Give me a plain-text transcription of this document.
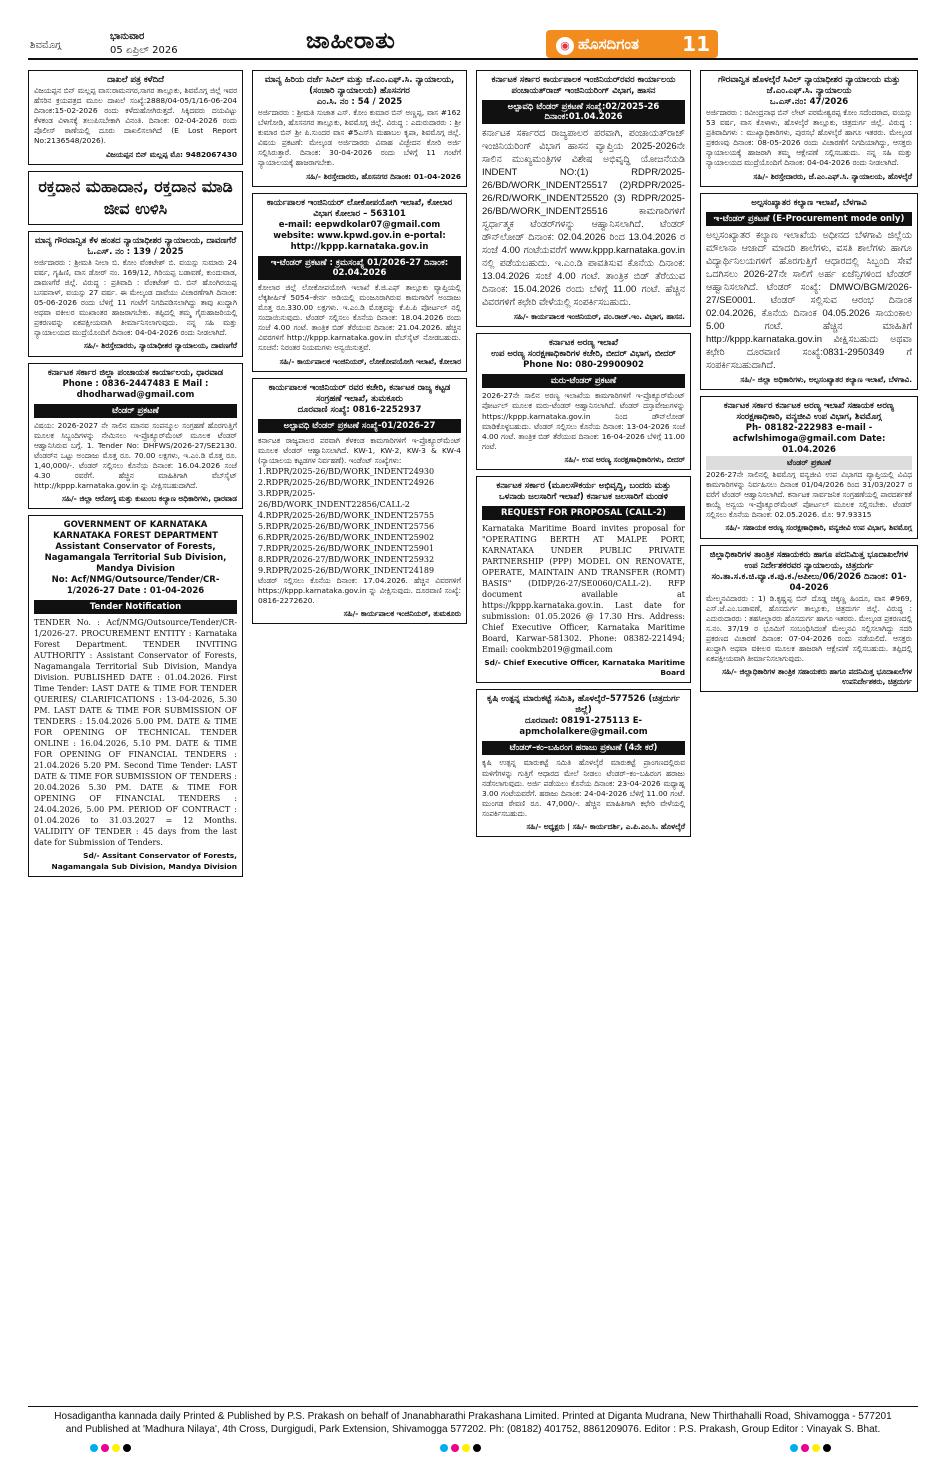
ಶಿವಮೊಗ್ಗ
ಭಾನುವಾರ
05 ಏಪ್ರಿಲ್ 2026	ಜಾಹೀರಾತು	◉ ಹೊಸದಿಗಂತ 11
ದಾಖಲೆ ಪತ್ರ ಕಳೆದಿದೆ
ವಿಜಯಪ್ಪನ ಬಿನ್ ಮಲ್ಲಪ್ಪ ವಾಸ:ರಾಮನಗರ,ಸಾಗರ ತಾಲ್ಲೂಕು, ಶಿವಮೊಗ್ಗ ಜಿಲ್ಲೆ ಇವರ ಹೆಸರಿನ ಕ್ರಯಪತ್ರದ ಮೂಲ ದಾಖಲೆ ಸಂಖ್ಯೆ:2888/04-05/1/16-06-204 ದಿನಾಂಕ:15-02-2026 ರಂದು ಕಳೆದುಹೋಗಿರುತ್ತದೆ. ಸಿಕ್ಕಿದವರು ದಯವಿಟ್ಟು ಕೆಳಕಂಡ ವಿಳಾಸಕ್ಕೆ ತಲುಪಿಸಬೇಕಾಗಿ ವಿನಂತಿ. ದಿನಾಂಕ: 02-04-2026 ರಂದು ಪೊಲೀಸ್ ಠಾಣೆಯಲ್ಲಿ ದೂರು ದಾಖಲಿಸಲಾಗಿದೆ (E Lost Report No:2136548/2026).
ವಿಜಯಪ್ಪನ ಬಿನ್ ಮಲ್ಲಪ್ಪ ಮೊ: 9482067430
ರಕ್ತದಾನ ಮಹಾದಾನ, ರಕ್ತದಾನ ಮಾಡಿ ಜೀವ ಉಳಿಸಿ
ಮಾನ್ಯ ಗೌರವಾನ್ವಿತ ಕೆಳ ಹಂತದ ನ್ಯಾಯಾಧೀಶರ ನ್ಯಾಯಾಲಯ, ದಾವಣಗೆರೆ
ಓ.ಎಸ್. ನಂ : 139 / 2025
ಅರ್ಜಿದಾರರು : ಶ್ರೀಮತಿ ನೀಲಾ ಬಿ. ಕೋಂ ವೆಂಕಟೇಶ್ ಬಿ. ವಯಸ್ಸು ಸುಮಾರು 24 ವರ್ಷ, ಗೃಹಿಣಿ, ವಾಸ ಡೋರ್ ನಂ. 169/12, ಗಿರಿಯಪ್ಪ ಬಡಾವಣೆ, ಕುಂದುವಾಡ, ದಾವಣಗೆರೆ ಜಿಲ್ಲೆ. ವಿರುದ್ಧ : ಪ್ರತಿವಾದಿ : ವೆಂಕಟೇಶ್ ಬಿ. ಬಿನ್ ಹೊಂಗಿರಯಪ್ಪ ಬಸವನಾಳ್, ವಯಸ್ಸು 27 ವರ್ಷ. ಈ ಮೇಲ್ಕಂಡ ದಾವೆಯು ವಿಚಾರಣೆಗಾಗಿ ದಿನಾಂಕ: 05-06-2026 ರಂದು ಬೆಳಿಗ್ಗೆ 11 ಗಂಟೆಗೆ ನಿಗದಿಪಡಿಸಲಾಗಿದ್ದು ತಾವು ಖುದ್ದಾಗಿ ಅಥವಾ ವಕೀಲರ ಮುಖಾಂತರ ಹಾಜರಾಗಬೇಕು. ತಪ್ಪಿದಲ್ಲಿ ತಮ್ಮ ಗೈರುಹಾಜರಿಯಲ್ಲಿ ಪ್ರಕರಣವನ್ನು ಏಕಪಕ್ಷೀಯವಾಗಿ ತೀರ್ಮಾನಿಸಲಾಗುವುದು. ನನ್ನ ಸಹಿ ಮತ್ತು ನ್ಯಾಯಾಲಯದ ಮುದ್ರೆಯೊಂದಿಗೆ ದಿನಾಂಕ: 04-04-2026 ರಂದು ನೀಡಲಾಗಿದೆ.
ಸಹಿ/- ಶಿರಸ್ತೇದಾರರು, ನ್ಯಾಯಾಧೀಶರ ನ್ಯಾಯಾಲಯ, ದಾವಣಗೆರೆ
ಕರ್ನಾಟಕ ಸರ್ಕಾರ ಜಿಲ್ಲಾ ಪಂಚಾಯತ ಕಾರ್ಯಾಲಯ, ಧಾರವಾಡ
Phone : 0836-2447483 E Mail : dhodharwad@gmail.com
ಟೆಂಡರ್ ಪ್ರಕಟಣೆ
ವಿಷಯ: 2026-2027 ನೇ ಸಾಲಿನ ಮಾನವ ಸಂಪನ್ಮೂಲ ಸಂಗ್ರಹಣೆ ಹೊರಗುತ್ತಿಗೆ ಮೂಲಕ ಸಿಬ್ಬಂದಿಗಳನ್ನು ನೇಮಿಸಲು ಇ-ಪ್ರೊಕ್ಯೂರ್‌ಮೆಂಟ್ ಮೂಲಕ ಟೆಂಡರ್ ಆಹ್ವಾನಿಸಿರುವ ಬಗ್ಗೆ. 1. Tender No: DHFWS/2026-27/SE2130. ಟೆಂಡರ್‌ನ ಒಟ್ಟು ಅಂದಾಜು ಮೊತ್ತ ರೂ. 70.00 ಲಕ್ಷಗಳು, ಇ.ಎಂ.ಡಿ ಮೊತ್ತ ರೂ. 1,40,000/-. ಟೆಂಡರ್ ಸಲ್ಲಿಸಲು ಕೊನೆಯ ದಿನಾಂಕ: 16.04.2026 ಸಂಜೆ 4.30 ರವರೆಗೆ. ಹೆಚ್ಚಿನ ಮಾಹಿತಿಗಾಗಿ ವೆಬ್‌ಸೈಟ್ http://kppp.karnataka.gov.in ನ್ನು ವೀಕ್ಷಿಸಬಹುದಾಗಿದೆ.
ಸಹಿ/- ಜಿಲ್ಲಾ ಆರೋಗ್ಯ ಮತ್ತು ಕುಟುಂಬ ಕಲ್ಯಾಣ ಅಧಿಕಾರಿಗಳು, ಧಾರವಾಡ
GOVERNMENT OF KARNATAKA KARNATAKA FOREST DEPARTMENT Assistant Conservator of Forests, Nagamangala Territorial Sub Division, Mandya Division
No: Acf/NMG/Outsource/Tender/CR-1/2026-27 Date : 01-04-2026
Tender Notification
TENDER No. : Acf/NMG/Outsource/Tender/CR-1/2026-27. PROCUREMENT ENTITY : Karnataka Forest Department. TENDER INVITING AUTHORITY : Assistant Conservator of Forests, Nagamangala Territorial Sub Division, Mandya Division. PUBLISHED DATE : 01.04.2026. First Time Tender: LAST DATE & TIME FOR TENDER QUERIES/ CLARIFICATIONS : 13-04-2026, 5.30 PM. LAST DATE & TIME FOR SUBMISSION OF TENDERS : 15.04.2026 5.00 PM. DATE & TIME FOR OPENING OF TECHNICAL TENDER ONLINE : 16.04.2026, 5.10 PM. DATE & TIME FOR OPENING OF FINANCIAL TENDERS : 21.04.2026 5.20 PM. Second Time Tender: LAST DATE & TIME FOR SUBMISSION OF TENDERS : 20.04.2026 5.30 PM. DATE & TIME FOR OPENING OF FINANCIAL TENDERS : 24.04.2026, 5.00 PM. PERIOD OF CONTRACT : 01.04.2026 to 31.03.2027 = 12 Months. VALIDITY OF TENDER : 45 days from the last date for Submission of Tenders.
Sd/- Assitant Conservator of Forests, Nagamangala Sub Division, Mandya Division
ಮಾನ್ಯ ಹಿರಿಯ ದರ್ಜೆ ಸಿವಿಲ್ ಮತ್ತು ಜೆ.ಎಂ.ಎಫ್.ಸಿ. ನ್ಯಾಯಾಲಯ, (ಸಂಚಾರಿ ನ್ಯಾಯಾಲಯ) ಹೊಸನಗರ
ಎಂ.ಸಿ. ನಂ : 54 / 2025
ಅರ್ಜಿದಾರರು : ಶ್ರೀಮತಿ ಸುಜಾತ ಎಸ್. ಕೋಂ ಕುಮಾರ ಬಿನ್ ಅಣ್ಣಪ್ಪ, ವಾಸ #162 ಬೆಳಗೋಡಿ, ಹೊಸನಗರ ತಾಲ್ಲೂಕು, ಶಿವಮೊಗ್ಗ ಜಿಲ್ಲೆ. ವಿರುದ್ಧ : ಎದುರುದಾರರು : ಶ್ರೀ ಕುಮಾರ ಬಿನ್ ಶ್ರೀ ಪಿ.ಸುಂದರ ವಾಸ #5ಎಸ್‌ಸಿ ಮಹಾಬಲ ಕೃಪಾ, ಶಿವಮೊಗ್ಗ ಜಿಲ್ಲೆ. ವಿಷಯ ಪ್ರಕಟಣೆ: ಮೇಲ್ಕಂಡ ಅರ್ಜಿದಾರರು ವಿವಾಹ ವಿಚ್ಛೇದನ ಕೋರಿ ಅರ್ಜಿ ಸಲ್ಲಿಸಿರುತ್ತಾರೆ. ದಿನಾಂಕ: 30-04-2026 ರಂದು ಬೆಳಿಗ್ಗೆ 11 ಗಂಟೆಗೆ ನ್ಯಾಯಾಲಯಕ್ಕೆ ಹಾಜರಾಗಬೇಕು.
ಸಹಿ/- ಶಿರಸ್ತೇದಾರರು, ಹೊಸನಗರ ದಿನಾಂಕ: 01-04-2026
ಕಾರ್ಯಪಾಲಕ ಇಂಜಿನಿಯರ್ ಲೋಕೋಪಯೋಗಿ ಇಲಾಖೆ, ಕೋಲಾರ ವಿಭಾಗ ಕೋಲಾರ – 563101
e-mail: eepwdkolar07@gmail.com website: www.kpwd.gov.in e-portal: http://kppp.karnataka.gov.in
ಇ-ಟೆಂಡರ್ ಪ್ರಕಟಣೆ : ಕ್ರಮಸಂಖ್ಯೆ 01/2026-27 ದಿನಾಂಕ: 02.04.2026
ಕೋಲಾರ ಜಿಲ್ಲೆ ಲೋಕೋಪಯೋಗಿ ಇಲಾಖೆ ಕೆ.ಜಿ.ಎಫ್ ತಾಲ್ಲೂಕು ವ್ಯಾಪ್ತಿಯಲ್ಲಿ ಲೆಕ್ಕಶೀರ್ಷಿಕೆ 5054–ಕೇರ್ನ ಅಡಿಯಲ್ಲಿ ಮಂಜೂರಾಗಿರುವ ಕಾಮಗಾರಿಗೆ ಅಂದಾಜು ಮೊತ್ತ ರೂ.330.00 ಲಕ್ಷಗಳು. ಇ.ಎಂ.ಡಿ ಮೊತ್ತವನ್ನು ಕೆ.ಪಿ.ಪಿ ಪೋರ್ಟಲ್ ನಲ್ಲಿ ಸಂದಾಯಿಸುವುದು. ಟೆಂಡರ್ ಸಲ್ಲಿಸಲು ಕೊನೆಯ ದಿನಾಂಕ: 18.04.2026 ರಂದು ಸಂಜೆ 4.00 ಗಂಟೆ. ತಾಂತ್ರಿಕ ಬಿಡ್ ತೆರೆಯುವ ದಿನಾಂಕ: 21.04.2026. ಹೆಚ್ಚಿನ ವಿವರಗಳಿಗೆ http://kppp.karnataka.gov.in ವೆಬ್‌ಸೈಟ್ ನೋಡಬಹುದು. ಸೂಚನೆ: ನಿರಂತರ ನಿಯಮಗಳು ಅನ್ವಯಿಸುತ್ತವೆ.
ಸಹಿ/- ಕಾರ್ಯಪಾಲಕ ಇಂಜಿನಿಯರ್, ಲೋಕೋಪಯೋಗಿ ಇಲಾಖೆ, ಕೋಲಾರ
ಕಾರ್ಯಪಾಲಕ ಇಂಜಿನಿಯರ್ ರವರ ಕಚೇರಿ, ಕರ್ನಾಟಕ ರಾಜ್ಯ ಕಟ್ಟಡ ಸಂಗ್ರಹಣೆ ಇಲಾಖೆ, ತುಮಕೂರು
ದೂರವಾಣಿ ಸಂಖ್ಯೆ: 0816-2252937
ಅಲ್ಪಾವಧಿ ಟೆಂಡರ್ ಪ್ರಕಟಣೆ ಸಂಖ್ಯೆ-01/2026-27
ಕರ್ನಾಟಕ ರಾಜ್ಯಪಾಲರ ಪರವಾಗಿ ಕೆಳಕಂಡ ಕಾಮಗಾರಿಗಳಿಗೆ ಇ-ಪ್ರೊಕ್ಯೂರ್‌ಮೆಂಟ್ ಮೂಲಕ ಟೆಂಡರ್ ಆಹ್ವಾನಿಸಲಾಗಿದೆ. KW-1, KW-2, KW-3 & KW-4 (ನ್ಯಾಯಾಲಯ ಕಟ್ಟಡಗಳ ನಿರ್ವಹಣೆ). ಇಂಡೆಂಟ್ ಸಂಖ್ಯೆಗಳು:
1.RDPR/2025-26/BD/WORK_INDENT24930
2.RDPR/2025-26/BD/WORK_INDENT24926
3.RDPR/2025-26/BD/WORK_INDENT22856/CALL-2
4.RDPR/2025-26/BD/WORK_INDENT25755
5.RDPR/2025-26/BD/WORK_INDENT25756
6.RDPR/2025-26/BD/WORK_INDENT25902
7.RDPR/2025-26/BD/WORK_INDENT25901
8.RDPR/2026-27/BD/WORK_INDENT25932
9.RDPR/2025-26/BD/WORK_INDENT24189
ಟೆಂಡರ್ ಸಲ್ಲಿಸಲು ಕೊನೆಯ ದಿನಾಂಕ: 17.04.2026. ಹೆಚ್ಚಿನ ವಿವರಗಳಿಗೆ https://kppp.karnataka.gov.in ನ್ನು ವೀಕ್ಷಿಸುವುದು. ದೂರವಾಣಿ ಸಂಖ್ಯೆ: 0816-2272620.
ಸಹಿ/- ಕಾರ್ಯಪಾಲಕ ಇಂಜಿನಿಯರ್, ತುಮಕೂರು
ಕರ್ನಾಟಕ ಸರ್ಕಾರ ಕಾರ್ಯಪಾಲಕ ಇಂಜಿನಿಯರ್‌ರವರ ಕಾರ್ಯಾಲಯ ಪಂಚಾಯತ್‌ರಾಜ್ ಇಂಜಿನಿಯರಿಂಗ್ ವಿಭಾಗ, ಹಾಸನ
ಅಲ್ಪಾವಧಿ ಟೆಂಡರ್ ಪ್ರಕಟಣೆ ಸಂಖ್ಯೆ:02/2025-26 ದಿನಾಂಕ:01.04.2026
ಕರ್ನಾಟಕ ಸರ್ಕಾರದ ರಾಜ್ಯಪಾಲರ ಪರವಾಗಿ, ಪಂಚಾಯತ್‌ರಾಜ್ ಇಂಜಿನಿಯರಿಂಗ್ ವಿಭಾಗ ಹಾಸನ ವ್ಯಾಪ್ತಿಯ 2025-2026ನೇ ಸಾಲಿನ ಮುಖ್ಯಮಂತ್ರಿಗಳ ವಿಶೇಷ ಅಭಿವೃದ್ಧಿ ಯೋಜನೆಯಡಿ INDENT NO:(1) RDPR/2025-26/BD/WORK_INDENT25517 (2)RDPR/2025-26/RD/WORK_INDENT25520 (3) RDPR/2025-26/BD/WORK_INDENT25516 ಕಾಮಗಾರಿಗಳಿಗೆ ಸ್ವರ್ಧಾತ್ಮಕ ಟೆಂಡರ್‌ಗಳನ್ನು ಆಹ್ವಾನಿಸಲಾಗಿದೆ. ಟೆಂಡರ್ ಡೌನ್‌ಲೋಡ್ ದಿನಾಂಕ: 02.04.2026 ರಿಂದ 13.04.2026 ರ ಸಂಜೆ 4.00 ಗಂಟೆಯವರೆಗೆ www.kppp.karnataka.gov.in ನಲ್ಲಿ ಪಡೆಯಬಹುದು. ಇ.ಎಂ.ಡಿ ಪಾವತಿಸುವ ಕೊನೆಯ ದಿನಾಂಕ: 13.04.2026 ಸಂಜೆ 4.00 ಗಂಟೆ. ತಾಂತ್ರಿಕ ಬಿಡ್ ತೆರೆಯುವ ದಿನಾಂಕ: 15.04.2026 ರಂದು ಬೆಳಿಗ್ಗೆ 11.00 ಗಂಟೆ. ಹೆಚ್ಚಿನ ವಿವರಗಳಿಗೆ ಕಛೇರಿ ವೇಳೆಯಲ್ಲಿ ಸಂಪರ್ಕಿಸಬಹುದು.
ಸಹಿ/- ಕಾರ್ಯಪಾಲಕ ಇಂಜಿನಿಯರ್, ಪಂ.ರಾಜ್.ಇಂ. ವಿಭಾಗ, ಹಾಸನ.
ಕರ್ನಾಟಕ ಅರಣ್ಯ ಇಲಾಖೆ
ಉಪ ಅರಣ್ಯ ಸಂರಕ್ಷಣಾಧಿಕಾರಿಗಳ ಕಚೇರಿ, ಬೀದರ್ ವಿಭಾಗ, ಬೀದರ್ Phone No: 080-29900902
ಮರು-ಟೆಂಡರ್ ಪ್ರಕಟಣೆ
2026-27ನೇ ಸಾಲಿನ ಅರಣ್ಯ ಇಲಾಖೆಯ ಕಾಮಗಾರಿಗಳಿಗೆ ಇ-ಪ್ರೊಕ್ಯೂರ್‌ಮೆಂಟ್ ಪೋರ್ಟಲ್ ಮೂಲಕ ಮರು-ಟೆಂಡರ್ ಆಹ್ವಾನಿಸಲಾಗಿದೆ. ಟೆಂಡರ್ ದಸ್ತಾವೇಜುಗಳನ್ನು https://kppp.karnataka.gov.in ನಿಂದ ಡೌನ್‌ಲೋಡ್ ಮಾಡಿಕೊಳ್ಳಬಹುದು. ಟೆಂಡರ್ ಸಲ್ಲಿಸಲು ಕೊನೆಯ ದಿನಾಂಕ: 13-04-2026 ಸಂಜೆ 4.00 ಗಂಟೆ. ತಾಂತ್ರಿಕ ಬಿಡ್ ತೆರೆಯುವ ದಿನಾಂಕ: 16-04-2026 ಬೆಳಿಗ್ಗೆ 11.00 ಗಂಟೆ.
ಸಹಿ/- ಉಪ ಅರಣ್ಯ ಸಂರಕ್ಷಣಾಧಿಕಾರಿಗಳು, ಬೀದರ್
ಕರ್ನಾಟಕ ಸರ್ಕಾರ (ಮೂಲಸೌಕರ್ಯ ಅಭಿವೃದ್ಧಿ, ಬಂದರು ಮತ್ತು ಒಳನಾಡು ಜಲಸಾರಿಗೆ ಇಲಾಖೆ) ಕರ್ನಾಟಕ ಜಲಸಾರಿಗೆ ಮಂಡಳಿ
REQUEST FOR PROPOSAL (CALL-2)
Karnataka Maritime Board invites proposal for "OPERATING BERTH AT MALPE PORT, KARNATAKA UNDER PUBLIC PRIVATE PARTNERSHIP (PPP) MODEL ON RENOVATE, OPERATE, MAINTAIN AND TRANSFER (ROMT) BASIS" (DIDP/26-27/SE0060/CALL-2). RFP document available at https://kppp.karnataka.gov.in. Last date for submission: 01.05.2026 @ 17.30 Hrs. Address: Chief Executive Officer, Karnataka Maritime Board, Karwar-581302. Phone: 08382-221494; Email: cookmb2019@gmail.com
Sd/- Chief Executive Officer, Karnataka Maritime Board
ಕೃಷಿ ಉತ್ಪನ್ನ ಮಾರುಕಟ್ಟೆ ಸಮಿತಿ, ಹೊಳಲ್ಕೆರೆ–577526 (ಚಿತ್ರದುರ್ಗ ಜಿಲ್ಲೆ)
ದೂರವಾಣಿ: 08191-275113 E-apmcholalkere@gmail.com
ಟೆಂಡರ್–ಕಂ–ಬಹಿರಂಗ ಹರಾಜು ಪ್ರಕಟಣೆ (4ನೇ ಕರೆ)
ಕೃಷಿ ಉತ್ಪನ್ನ ಮಾರುಕಟ್ಟೆ ಸಮಿತಿ ಹೊಳಲ್ಕೆರೆ ಮಾರುಕಟ್ಟೆ ಪ್ರಾಂಗಣದಲ್ಲಿರುವ ಮಳಿಗೆಗಳನ್ನು ಗುತ್ತಿಗೆ ಆಧಾರದ ಮೇಲೆ ನೀಡಲು ಟೆಂಡರ್–ಕಂ–ಬಹಿರಂಗ ಹರಾಜು ನಡೆಸಲಾಗುವುದು. ಅರ್ಜಿ ಪಡೆಯಲು ಕೊನೆಯ ದಿನಾಂಕ: 23-04-2026 ಮಧ್ಯಾಹ್ನ 3.00 ಗಂಟೆಯವರೆಗೆ. ಹರಾಜು ದಿನಾಂಕ: 24-04-2026 ಬೆಳಿಗ್ಗೆ 11.00 ಗಂಟೆ. ಮುಂಗಡ ಠೇವಣಿ ರೂ. 47,000/-. ಹೆಚ್ಚಿನ ಮಾಹಿತಿಗಾಗಿ ಕಛೇರಿ ವೇಳೆಯಲ್ಲಿ ಸಂಪರ್ಕಿಸಬಹುದು.
ಸಹಿ/- ಅಧ್ಯಕ್ಷರು | ಸಹಿ/- ಕಾರ್ಯದರ್ಶಿ, ಎ.ಪಿ.ಎಂ.ಸಿ. ಹೊಳಲ್ಕೆರೆ
ಗೌರವಾನ್ವಿತ ಹೊಳಲ್ಕೆರೆ ಸಿವಿಲ್ ನ್ಯಾಯಾಧೀಶರ ನ್ಯಾಯಾಲಯ ಮತ್ತು ಜೆ.ಎಂ.ಎಫ್.ಸಿ. ನ್ಯಾಯಾಲಯ
ಒ.ಎಸ್.ನಂ: 47/2026
ಅರ್ಜಿದಾರರು : ರವೀಂದ್ರನಾಥ ಬಿನ್ ಲೇಟ್ ಪರಮೇಶ್ವರಪ್ಪ ಕೋಂ ಸದೆಂದರಾದ, ವಯಸ್ಸು 53 ವರ್ಷ, ವಾಸ ಕೊಳಾಳು, ಹೊಳಲ್ಕೆರೆ ತಾಲ್ಲೂಕು, ಚಿತ್ರದುರ್ಗ ಜಿಲ್ಲೆ. ವಿರುದ್ಧ : ಪ್ರತಿವಾದಿಗಳು : ಮುಖ್ಯಾಧಿಕಾರಿಗಳು, ಪುರಸಭೆ ಹೊಳಲ್ಕೆರೆ ಹಾಗೂ ಇತರರು. ಮೇಲ್ಕಂಡ ಪ್ರಕರಣವು ದಿನಾಂಕ: 08-05-2026 ರಂದು ವಿಚಾರಣೆಗೆ ನಿಗದಿಯಾಗಿದ್ದು, ಆಸಕ್ತರು ನ್ಯಾಯಾಲಯಕ್ಕೆ ಹಾಜರಾಗಿ ತಮ್ಮ ಆಕ್ಷೇಪಣೆ ಸಲ್ಲಿಸಬಹುದು. ನನ್ನ ಸಹಿ ಮತ್ತು ನ್ಯಾಯಾಲಯದ ಮುದ್ರೆಯೊಂದಿಗೆ ದಿನಾಂಕ: 04-04-2026 ರಂದು ನೀಡಲಾಗಿದೆ.
ಸಹಿ/- ಶಿರಸ್ತೇದಾರರು, ಜೆ.ಎಂ.ಎಫ್.ಸಿ. ನ್ಯಾಯಾಲಯ, ಹೊಳಲ್ಕೆರೆ
ಅಲ್ಪಸಂಖ್ಯಾತರ ಕಲ್ಯಾಣ ಇಲಾಖೆ, ಬೆಳಗಾವಿ
ಇ-ಟೆಂಡರ್ ಪ್ರಕಟಣೆ (E-Procurement mode only)
ಅಲ್ಪಸಂಖ್ಯಾತರ ಕಲ್ಯಾಣ ಇಲಾಖೆಯ ಅಧೀನದ ಬೆಳಗಾವಿ ಜಿಲ್ಲೆಯ ಮೌಲಾನಾ ಆಜಾದ್ ಮಾದರಿ ಶಾಲೆಗಳು, ವಸತಿ ಶಾಲೆಗಳು ಹಾಗೂ ವಿದ್ಯಾರ್ಥಿನಿಲಯಗಳಿಗೆ ಹೊರಗುತ್ತಿಗೆ ಆಧಾರದಲ್ಲಿ ಸಿಬ್ಬಂದಿ ಸೇವೆ ಒದಗಿಸಲು 2026-27ನೇ ಸಾಲಿಗೆ ಅರ್ಹ ಏಜೆನ್ಸಿಗಳಿಂದ ಟೆಂಡರ್ ಆಹ್ವಾನಿಸಲಾಗಿದೆ. ಟೆಂಡರ್ ಸಂಖ್ಯೆ: DMWO/BGM/2026-27/SE0001. ಟೆಂಡರ್ ಸಲ್ಲಿಸುವ ಆರಂಭ ದಿನಾಂಕ 02.04.2026, ಕೊನೆಯ ದಿನಾಂಕ 04.05.2026 ಸಾಯಂಕಾಲ 5.00 ಗಂಟೆ. ಹೆಚ್ಚಿನ ಮಾಹಿತಿಗೆ http://kppp.karnataka.gov.in ವೀಕ್ಷಿಸಬಹುದು ಅಥವಾ ಕಛೇರಿ ದೂರವಾಣಿ ಸಂಖ್ಯೆ:0831-2950349 ಗೆ ಸಂಪರ್ಕಿಸಬಹುದಾಗಿದೆ.
ಸಹಿ/- ಜಿಲ್ಲಾ ಅಧಿಕಾರಿಗಳು, ಅಲ್ಪಸಂಖ್ಯಾತರ ಕಲ್ಯಾಣ ಇಲಾಖೆ, ಬೆಳಗಾವಿ.
ಕರ್ನಾಟಕ ಸರ್ಕಾರ ಕರ್ನಾಟಕ ಅರಣ್ಯ ಇಲಾಖೆ ಸಹಾಯಕ ಅರಣ್ಯ ಸಂರಕ್ಷಣಾಧಿಕಾರಿ, ವನ್ಯಜೀವಿ ಉಪ ವಿಭಾಗ, ಶಿವಮೊಗ್ಗ
Ph- 08182-222983 e-mail -acfwlshimoga@gmail.com Date: 01.04.2026
ಟೆಂಡರ್ ಪ್ರಕಟಣೆ
2026-27ನೇ ಸಾಲಿನಲ್ಲಿ ಶಿವಮೊಗ್ಗ ವನ್ಯಜೀವಿ ಉಪ ವಿಭಾಗದ ವ್ಯಾಪ್ತಿಯಲ್ಲಿ ವಿವಿಧ ಕಾಮಗಾರಿಗಳನ್ನು ನಿರ್ವಹಿಸಲು ದಿನಾಂಕ 01/04/2026 ರಿಂದ 31/03/2027 ರ ವರೆಗೆ ಟೆಂಡರ್ ಆಹ್ವಾನಿಸಲಾಗಿದೆ. ಕರ್ನಾಟಕ ಸಾರ್ವಜನಿಕ ಸಂಗ್ರಹಣೆಯಲ್ಲಿ ಪಾರದರ್ಶಕತೆ ಕಾಯ್ದೆ ಅನ್ವಯ ಇ-ಪ್ರೊಕ್ಯೂರ್‌ಮೆಂಟ್ ಪೋರ್ಟಲ್ ಮೂಲಕ ಸಲ್ಲಿಸಬೇಕು. ಟೆಂಡರ್ ಸಲ್ಲಿಸಲು ಕೊನೆಯ ದಿನಾಂಕ: 02.05.2026. ಮೊ: 97.93315
ಸಹಿ/- ಸಹಾಯಕ ಅರಣ್ಯ ಸಂರಕ್ಷಣಾಧಿಕಾರಿ, ವನ್ಯಜೀವಿ ಉಪ ವಿಭಾಗ, ಶಿವಮೊಗ್ಗ
ಜಿಲ್ಲಾಧಿಕಾರಿಗಳ ತಾಂತ್ರಿಕ ಸಹಾಯಕರು ಹಾಗೂ ಪದನಿಮಿತ್ತ ಭೂದಾಖಲೆಗಳ ಉಪ ನಿರ್ದೇಶಕರವರ ನ್ಯಾಯಾಲಯ, ಚಿತ್ರದುರ್ಗ
ಸಂ.ತಾ.ಸ.ಕ.ಚಿ.ವ್ಯಾ.ಕ.ಪು.ಕ./ಅಪೀಲು/06/2026 ದಿನಾಂಕ: 01-04-2026
ಮೇಲ್ಮನವಿದಾರರು : 1) ಡಿ.ಕೃಷ್ಣಪ್ಪ ಬಿನ್ ದೊಡ್ಡ ಚಿಕ್ಕಣ್ಣ ಹಿಂದೂ, ವಾಸ #969, ಎಸ್.ಜೆ.ಎಂ.ಬಡಾವಣೆ, ಹೊಸದುರ್ಗ ತಾಲ್ಲೂಕು, ಚಿತ್ರದುರ್ಗ ಜಿಲ್ಲೆ. ವಿರುದ್ಧ : ಎದುರುದಾರರು : ತಹಸೀಲ್ದಾರರು ಹೊಸದುರ್ಗ ಹಾಗೂ ಇತರರು. ಮೇಲ್ಕಂಡ ಪ್ರಕರಣದಲ್ಲಿ ಸ.ನಂ. 37/19 ರ ಭೂಮಿಗೆ ಸಂಬಂಧಿಸಿದಂತೆ ಮೇಲ್ಮನವಿ ಸಲ್ಲಿಸಲಾಗಿದ್ದು ಸದರಿ ಪ್ರಕರಣದ ವಿಚಾರಣೆ ದಿನಾಂಕ: 07-04-2026 ರಂದು ನಡೆಯಲಿದೆ. ಆಸಕ್ತರು ಖುದ್ದಾಗಿ ಅಥವಾ ವಕೀಲರ ಮೂಲಕ ಹಾಜರಾಗಿ ಆಕ್ಷೇಪಣೆ ಸಲ್ಲಿಸಬಹುದು. ತಪ್ಪಿದಲ್ಲಿ ಏಕಪಕ್ಷೀಯವಾಗಿ ತೀರ್ಮಾನಿಸಲಾಗುವುದು.
ಸಹಿ/- ಜಿಲ್ಲಾಧಿಕಾರಿಗಳ ತಾಂತ್ರಿಕ ಸಹಾಯಕರು ಹಾಗೂ ಪದನಿಮಿತ್ತ ಭೂದಾಖಲೆಗಳ ಉಪನಿರ್ದೇಶಕರು, ಚಿತ್ರದುರ್ಗ
Hosadigantha kannada daily Printed & Published by P.S. Prakash on behalf of Jnanabharathi Prakashana Limited. Printed at Diganta Mudrana, New Thirthahalli Road, Shivamogga - 577201
and Published at 'Madhura Nilaya', 4th Cross, Durgigudi, Park Extension, Shivamogga 577202. Ph: (08182) 401752, 8861209076. Editor : P.S. Prakash, Group Editor : Vinayak S. Bhat.
